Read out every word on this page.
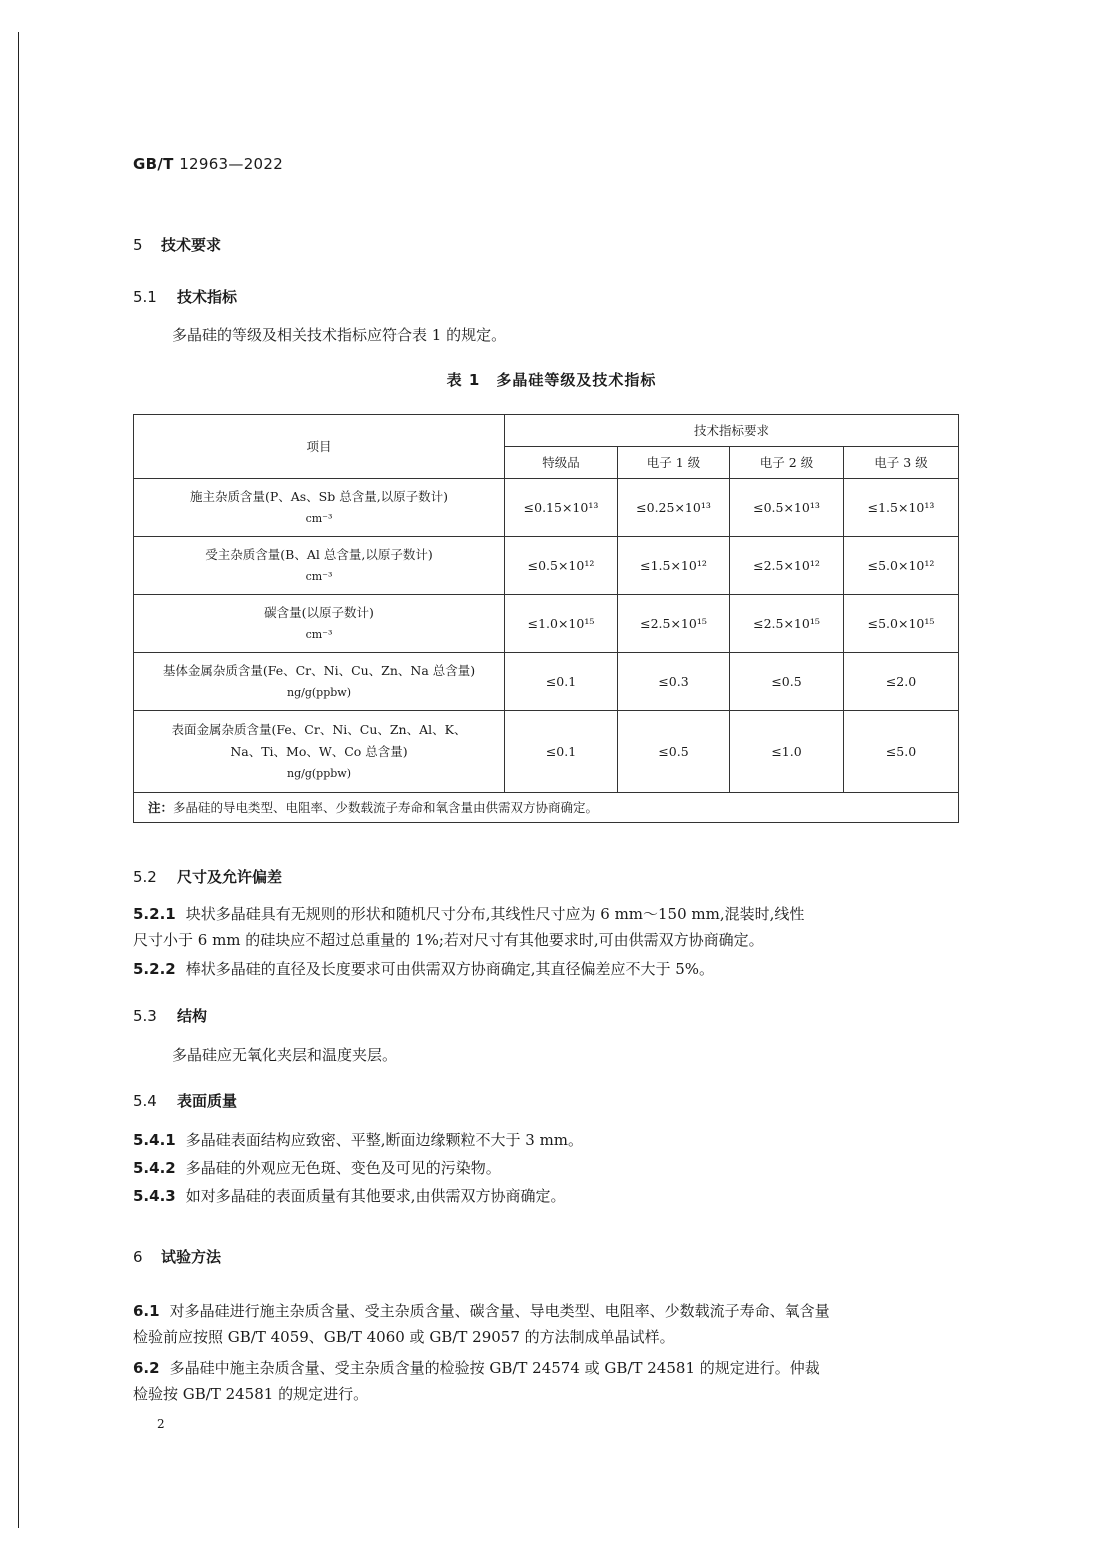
GB/T 12963—2022
5 技术要求
5.1 技术指标
多晶硅的等级及相关技术指标应符合表 1 的规定。
表 1　多晶硅等级及技术指标
项目	技术指标要求			
	特级品	电子 1 级	电子 2 级	电子 3 级
施主杂质含量(P、As、Sb 总含量,以原子数计)
cm⁻³	≤0.15×10¹³	≤0.25×10¹³	≤0.5×10¹³	≤1.5×10¹³
受主杂质含量(B、Al 总含量,以原子数计)
cm⁻³	≤0.5×10¹²	≤1.5×10¹²	≤2.5×10¹²	≤5.0×10¹²
碳含量(以原子数计)
cm⁻³	≤1.0×10¹⁵	≤2.5×10¹⁵	≤2.5×10¹⁵	≤5.0×10¹⁵
基体金属杂质含量(Fe、Cr、Ni、Cu、Zn、Na 总含量)
ng/g(ppbw)	≤0.1	≤0.3	≤0.5	≤2.0

表面金属杂质含量(Fe、Cr、Ni、Cu、Zn、Al、K、
Na、Ti、Mo、W、Co 总含量)
ng/g(ppbw)	≤0.1	≤0.5	≤1.0	≤5.0
注：多晶硅的导电类型、电阻率、少数载流子寿命和氧含量由供需双方协商确定。				
5.2 尺寸及允许偏差
5.2.1 块状多晶硅具有无规则的形状和随机尺寸分布,其线性尺寸应为 6 mm～150 mm,混装时,线性
尺寸小于 6 mm 的硅块应不超过总重量的 1%;若对尺寸有其他要求时,可由供需双方协商确定。
5.2.2 棒状多晶硅的直径及长度要求可由供需双方协商确定,其直径偏差应不大于 5%。
5.3 结构
多晶硅应无氧化夹层和温度夹层。
5.4 表面质量
5.4.1 多晶硅表面结构应致密、平整,断面边缘颗粒不大于 3 mm。
5.4.2 多晶硅的外观应无色斑、变色及可见的污染物。
5.4.3 如对多晶硅的表面质量有其他要求,由供需双方协商确定。
6 试验方法
6.1 对多晶硅进行施主杂质含量、受主杂质含量、碳含量、导电类型、电阻率、少数载流子寿命、氧含量
检验前应按照 GB/T 4059、GB/T 4060 或 GB/T 29057 的方法制成单晶试样。
6.2 多晶硅中施主杂质含量、受主杂质含量的检验按 GB/T 24574 或 GB/T 24581 的规定进行。仲裁
检验按 GB/T 24581 的规定进行。
2
